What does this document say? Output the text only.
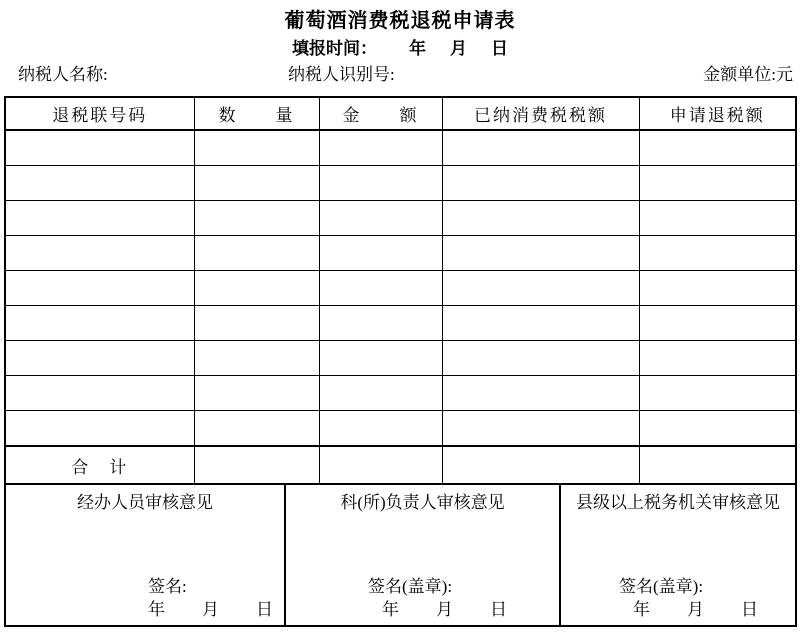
葡萄酒消费税退税申请表
填报时间： 年 月 日
纳税人名称:	纳税人识别号:	金额单位:元
退税联号码	数　　量	金　　额	已纳消费税税额	申请退税额

合　计				
经办人员审核意见
签名:
年 月 日
科(所)负责人审核意见
签名(盖章):
年 月 日
县级以上税务机关审核意见
签名(盖章):
年 月 日
